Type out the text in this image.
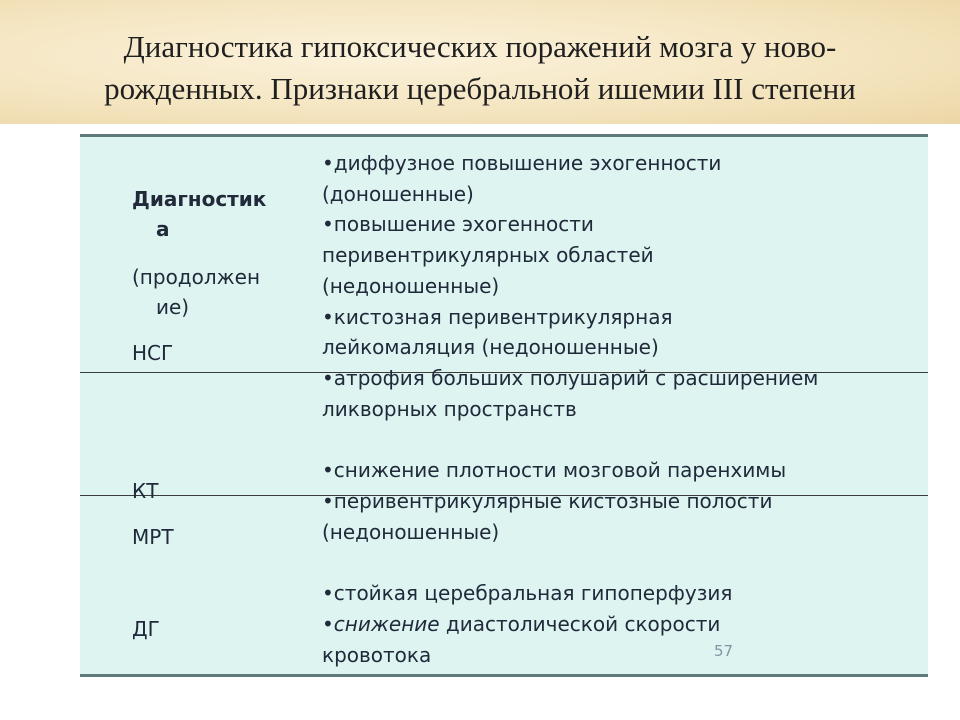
Диагностика гипоксических поражений мозга у ново-
рожденных. Признаки церебральной ишемии III степени
Диагностик
а
(продолжен
ие)
НСГ
КТ
МРТ
ДГ
•диффузное повышение эхогенности
(доношенные)
•повышение эхогенности
перивентрикулярных областей
(недоношенные)
•кистозная перивентрикулярная
лейкомаляция (недоношенные)
•атрофия больших полушарий с расширением
ликворных пространств
•снижение плотности мозговой паренхимы
•перивентрикулярные кистозные полости
(недоношенные)
•стойкая церебральная гипоперфузия
•снижение диастолической скорости
кровотока	57
